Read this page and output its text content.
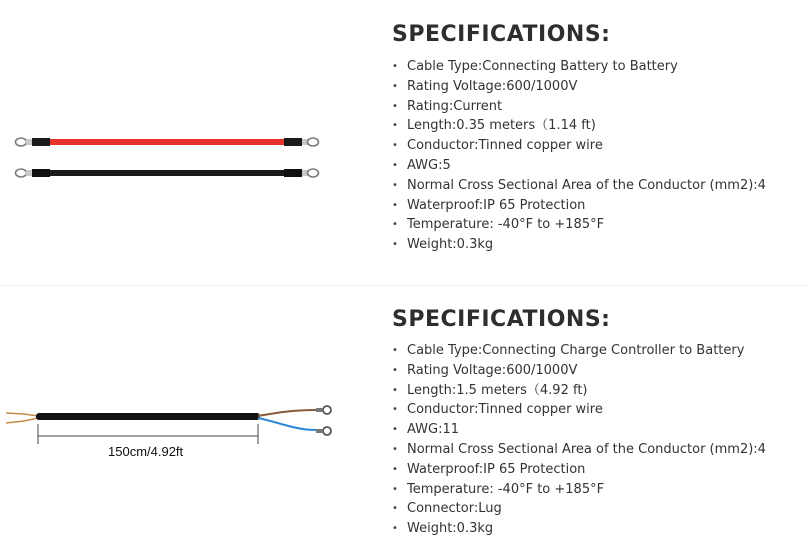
SPECIFICATIONS:
• Cable Type:Connecting Battery to Battery
• Rating Voltage:600/1000V
• Rating:Current
• Length:0.35 meters（1.14 ft)
• Conductor:Tinned copper wire
• AWG:5
• Normal Cross Sectional Area of the Conductor (mm2):4
• Waterproof:IP 65 Protection
• Temperature: -40°F to +185°F
• Weight:0.3kg
150cm/4.92ft
SPECIFICATIONS:
• Cable Type:Connecting Charge Controller to Battery
• Rating Voltage:600/1000V
• Length:1.5 meters（4.92 ft)
• Conductor:Tinned copper wire
• AWG:11
• Normal Cross Sectional Area of the Conductor (mm2):4
• Waterproof:IP 65 Protection
• Temperature: -40°F to +185°F
• Connector:Lug
• Weight:0.3kg
